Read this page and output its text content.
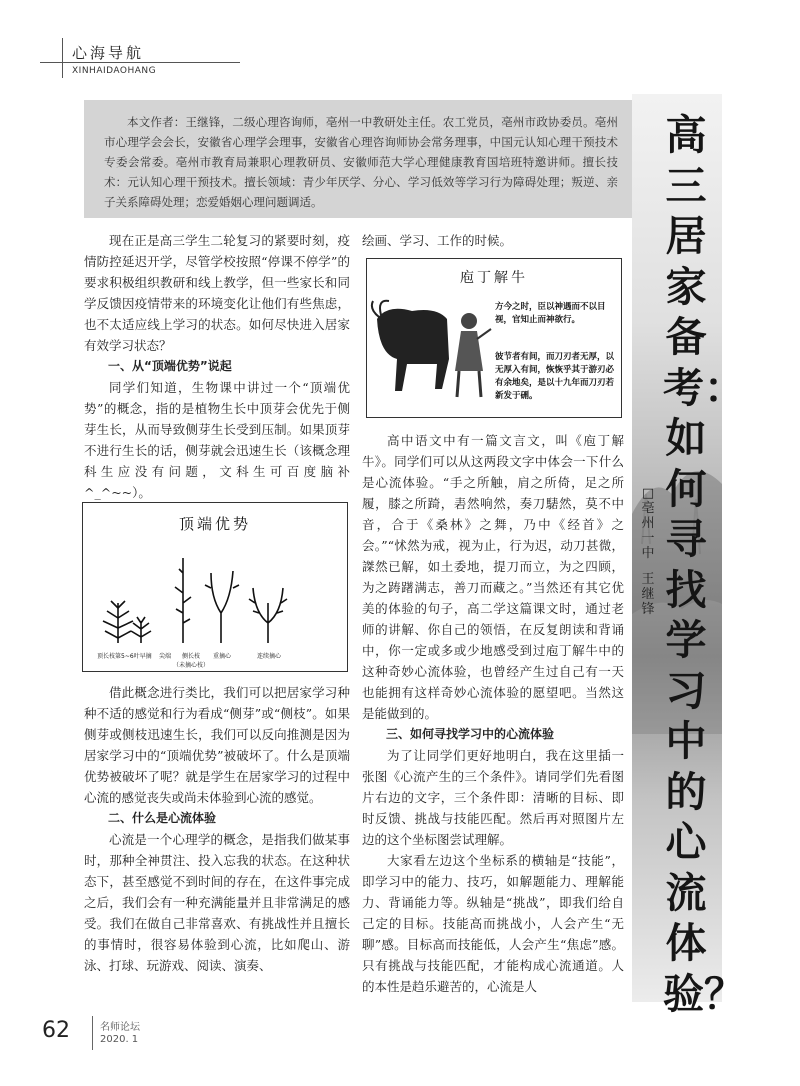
心海导航
XINHAIDAOHANG
本文作者：王继锋，二级心理咨询师，亳州一中教研处主任。农工党员，亳州市政协委员。亳州市心理学会会长，安徽省心理学会理事，安徽省心理咨询师协会常务理事，中国元认知心理干预技术专委会常委。亳州市教育局兼职心理教研员、安徽师范大学心理健康教育国培班特邀讲师。擅长技术：元认知心理干预技术。擅长领域：青少年厌学、分心、学习低效等学习行为障碍处理；叛逆、亲子关系障碍处理；恋爱婚姻心理问题调适。
高三居家备考：如何寻找学习中的心流体验？
□亳州一中
王继锋

现在正是高三学生二轮复习的紧要时刻，疫情防控延迟开学，尽管学校按照“停课不停学”的要求积极组织教研和线上教学，但一些家长和同学反馈因疫情带来的环境变化让他们有些焦虑，也不太适应线上学习的状态。如何尽快进入居家有效学习状态？

一、从“顶端优势”说起

同学们知道，生物课中讲过一个“顶端优势”的概念，指的是植物生长中顶芽会优先于侧芽生长，从而导致侧芽生长受到压制。如果顶芽不进行生长的话，侧芽就会迅速生长（该概念理科生应没有问题，文科生可百度脑补^_^~~）。

顶端优势
顶长枝第5~6叶早摘 尖端	侧长枝
（未摘心枝）
重摘心	连续摘心

借此概念进行类比，我们可以把居家学习种种不适的感觉和行为看成“侧芽”或“侧枝”。如果侧芽或侧枝迅速生长，我们可以反向推测是因为居家学习中的“顶端优势”被破坏了。什么是顶端优势被破坏了呢？就是学生在居家学习的过程中心流的感觉丧失或尚未体验到心流的感觉。

二、什么是心流体验

心流是一个心理学的概念，是指我们做某事时，那种全神贯注、投入忘我的状态。在这种状态下，甚至感觉不到时间的存在，在这件事完成之后，我们会有一种充满能量并且非常满足的感受。我们在做自己非常喜欢、有挑战性并且擅长的事情时，很容易体验到心流，比如爬山、游泳、打球、玩游戏、阅读、演奏、

绘画、学习、工作的时候。

庖丁解牛
方今之时，臣以神遇而不以目视，官知止而神欲行。
彼节者有间，而刀刃者无厚，以无厚入有间，恢恢乎其于游刃必有余地矣，是以十九年而刀刃若新发于硎。

高中语文中有一篇文言文，叫《庖丁解牛》。同学们可以从这两段文字中体会一下什么是心流体验。“手之所触，肩之所倚，足之所履，膝之所踦，砉然响然，奏刀騞然，莫不中音，合于《桑林》之舞，乃中《经首》之会。”“怵然为戒，视为止，行为迟，动刀甚微，謋然已解，如土委地，提刀而立，为之四顾，为之踌躇满志，善刀而藏之。”当然还有其它优美的体验的句子，高二学这篇课文时，通过老师的讲解、你自己的领悟，在反复朗读和背诵中，你一定或多或少地感受到过庖丁解牛中的这种奇妙心流体验，也曾经产生过自己有一天也能拥有这样奇妙心流体验的愿望吧。当然这是能做到的。

三、如何寻找学习中的心流体验

为了让同学们更好地明白，我在这里插一张图《心流产生的三个条件》。请同学们先看图片右边的文字，三个条件即：清晰的目标、即时反馈、挑战与技能匹配。然后再对照图片左边的这个坐标图尝试理解。

大家看左边这个坐标系的横轴是“技能”，即学习中的能力、技巧，如解题能力、理解能力、背诵能力等。纵轴是“挑战”，即我们给自己定的目标。技能高而挑战小，人会产生“无聊”感。目标高而技能低，人会产生“焦虑”感。只有挑战与技能匹配，才能构成心流通道。人的本性是趋乐避苦的，心流是人

62	名师论坛
2020. 1
